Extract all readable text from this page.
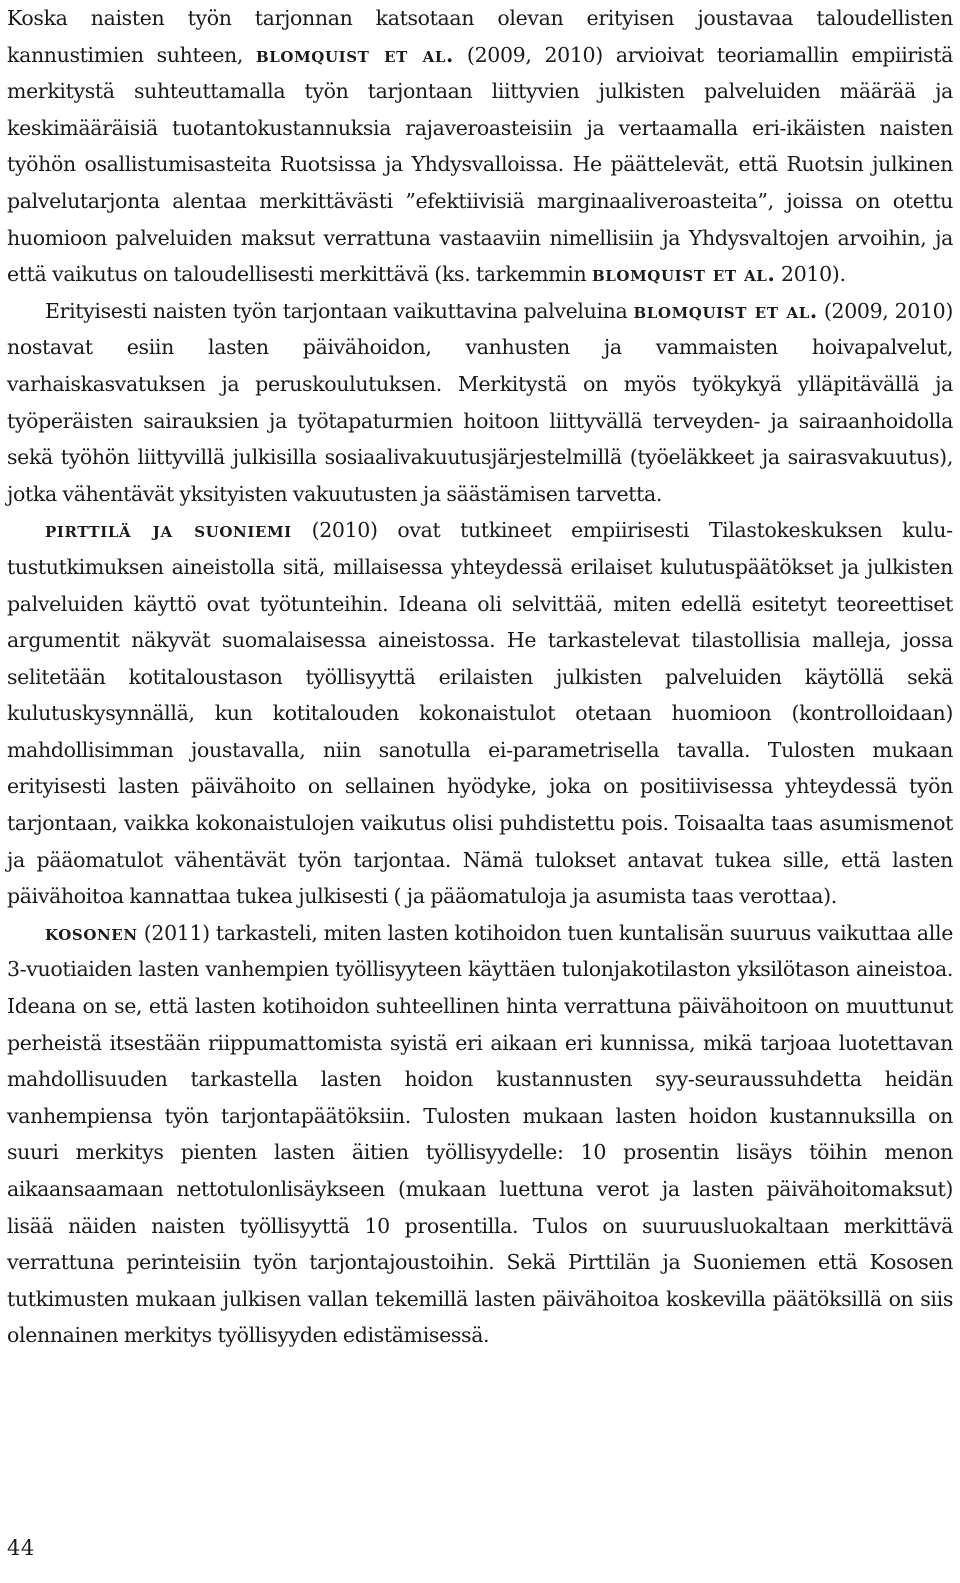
Koska naisten työn tarjonnan katsotaan olevan erityisen joustavaa taloudellisten kannustimien suhteen, blomquist et al. (2009, 2010) arvioivat teoriamallin empiiristä merkitystä suhteuttamalla työn tarjontaan liittyvien julkisten palveluiden määrää ja keskimääräisiä tuotantokustannuksia rajaveroasteisiin ja vertaamalla eri-ikäisten naisten työhön osallistumisasteita Ruotsissa ja Yhdysvalloissa. He päättelevät, että Ruotsin julkinen palvelutarjonta alentaa merkittävästi ”efektiivisiä marginaaliveroasteita”, joissa on otettu huomioon palveluiden maksut verrattuna vastaaviin nimellisiin ja Yhdysvaltojen arvoihin, ja että vaikutus on taloudellisesti merkittävä (ks. tarkemmin blomquist et al. 2010).

Erityisesti naisten työn tarjontaan vaikuttavina palveluina blomquist et al. (2009, 2010) nostavat esiin lasten päivähoidon, vanhusten ja vammaisten hoivapalvelut, varhaiskasvatuksen ja peruskoulutuksen. Merkitystä on myös työkykyä ylläpitävällä ja työperäisten sairauksien ja työtapaturmien hoitoon liittyvällä terveyden- ja sairaanhoidolla sekä työhön liittyvillä julkisilla sosiaalivakuutusjärjestelmillä (työeläkkeet ja sairasvakuutus), jotka vähentävät yksityisten vakuutusten ja säästämisen tarvetta.

pirttilä ja suoniemi (2010) ovat tutkineet empiirisesti Tilastokeskuksen kulutustutkimuksen aineistolla sitä, millaisessa yhteydessä erilaiset kulutuspäätökset ja julkisten palveluiden käyttö ovat työtunteihin. Ideana oli selvittää, miten edellä esitetyt teoreettiset argumentit näkyvät suomalaisessa aineistossa. He tarkastelevat tilastollisia malleja, jossa selitetään kotitaloustason työllisyyttä erilaisten julkisten palveluiden käytöllä sekä kulutuskysynnällä, kun kotitalouden kokonaistulot otetaan huomioon (kontrolloidaan) mahdollisimman joustavalla, niin sanotulla ei-parametrisella tavalla. Tulosten mukaan erityisesti lasten päivähoito on sellainen hyödyke, joka on positiivisessa yhteydessä työn tarjontaan, vaikka kokonaistulojen vaikutus olisi puhdistettu pois. Toisaalta taas asumismenot ja pääomatulot vähentävät työn tarjontaa. Nämä tulokset antavat tukea sille, että lasten päivähoitoa kannattaa tukea julkisesti ( ja pääomatuloja ja asumista taas verottaa).

kosonen (2011) tarkasteli, miten lasten kotihoidon tuen kuntalisän suuruus vaikuttaa alle 3-vuotiaiden lasten vanhempien työllisyyteen käyttäen tulonjakotilaston yksilötason aineistoa. Ideana on se, että lasten kotihoidon suhteellinen hinta verrattuna päivähoitoon on muuttunut perheistä itsestään riippumattomista syistä eri aikaan eri kunnissa, mikä tarjoaa luotettavan mahdollisuuden tarkastella lasten hoidon kustannusten syy-seuraussuhdetta heidän vanhempiensa työn tarjontapäätöksiin. Tulosten mukaan lasten hoidon kustannuksilla on suuri merkitys pienten lasten äitien työllisyydelle: 10 prosentin lisäys töihin menon aikaansaamaan nettotulonlisäykseen (mukaan luettuna verot ja lasten päivähoitomaksut) lisää näiden naisten työllisyyttä 10 prosentilla. Tulos on suuruusluokaltaan merkittävä verrattuna perinteisiin työn tarjontajoustoihin. Sekä Pirttilän ja Suoniemen että Kososen tutkimusten mukaan julkisen vallan tekemillä lasten päivähoitoa koskevilla päätöksillä on siis olennainen merkitys työllisyyden edistämisessä.

44
